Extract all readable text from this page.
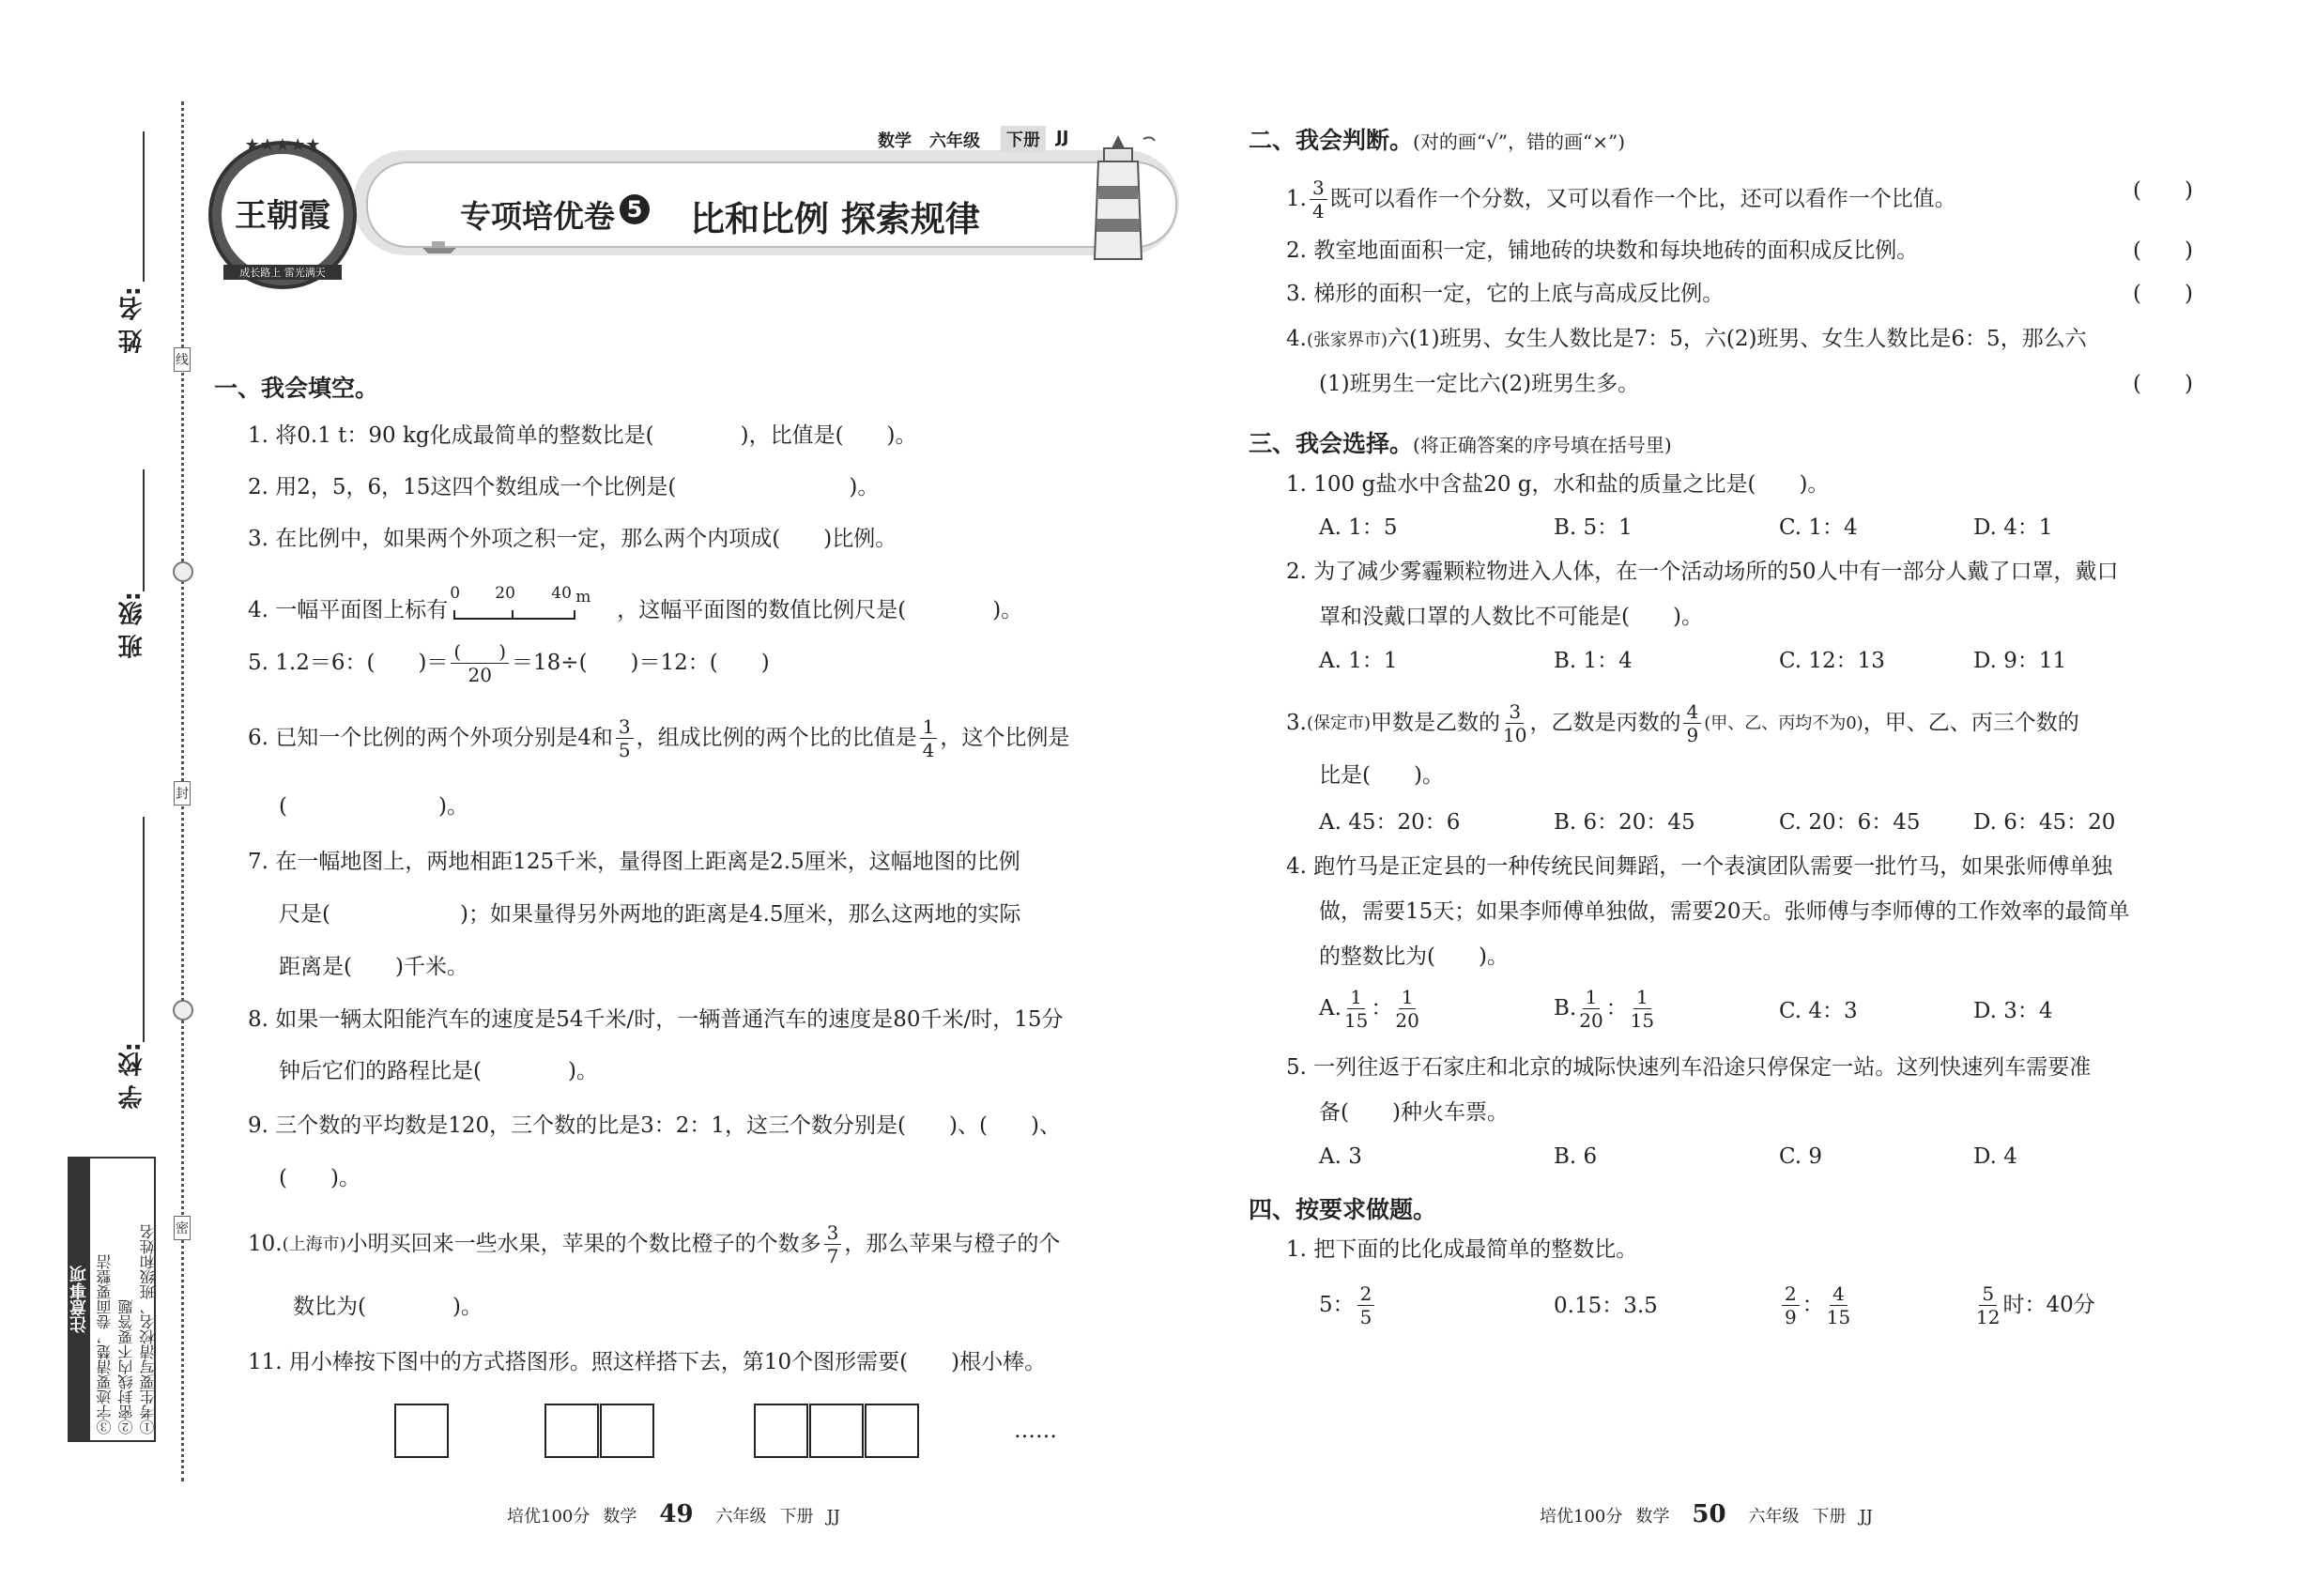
姓 名:
班 级:
学 校:
线
封
密
注意事项	①考生要写清校名、班级和姓名
②密封线内不要答题
③字迹要清楚，卷面要整洁
★★★★★
王朝霞
成长路上 雷光满天
数学 六年级	下册 JJ
专项培优卷 5 比和比例 探索规律
一、我会填空。
1. 将0.1 t：90 kg化成最简单的整数比是(　　　　)，比值是(　　)。
2. 用2，5，6，15这四个数组成一个比例是(　　　　　　　　)。
3. 在比例中，如果两个外项之积一定，那么两个内项成(　　)比例。
4. 一幅平面图上标有
0 20 40 m
，这幅平面图的数值比例尺是(　　　　)。
5. 1.2＝6：(　　)＝ $\frac{( )}{20} =18\div$(　　)＝12：(　　)
6. 已知一个比例的两个外项分别是4和 $\frac{3}{5}$ ，组成比例的两个比的比值是 $\frac{1}{4}$ ，这个比例是
(　　　　　　　)。
7. 在一幅地图上，两地相距125千米，量得图上距离是2.5厘米，这幅地图的比例
尺是(　　　　　　)；如果量得另外两地的距离是4.5厘米，那么这两地的实际
距离是(　　)千米。
8. 如果一辆太阳能汽车的速度是54千米/时，一辆普通汽车的速度是80千米/时，15分
钟后它们的路程比是(　　　　)。
9. 三个数的平均数是120，三个数的比是3：2：1，这三个数分别是(　　)、(　　)、
(　　)。
10. (上海市) 小明买回来一些水果，苹果的个数比橙子的个数多 $\frac{3}{7}$ ，那么苹果与橙子的个
数比为(　　　　)。
11. 用小棒按下图中的方式搭图形。照这样搭下去，第10个图形需要(　　)根小棒。
……
培优100分 数学 49 六年级 下册 JJ
二、我会判断。(对的画“√”，错的画“×”)
1. $\frac{3}{4}$ 既可以看作一个分数，又可以看作一个比，还可以看作一个比值。	(　　)
2. 教室地面面积一定，铺地砖的块数和每块地砖的面积成反比例。	(　　)
3. 梯形的面积一定，它的上底与高成反比例。	(　　)
4.(张家界市)六(1)班男、女生人数比是7：5，六(2)班男、女生人数比是6：5，那么六
(1)班男生一定比六(2)班男生多。	(　　)
三、我会选择。(将正确答案的序号填在括号里)
1. 100 g盐水中含盐20 g，水和盐的质量之比是(　　)。
A. 1：5	B. 5：1	C. 1：4	D. 4：1
2. 为了减少雾霾颗粒物进入人体，在一个活动场所的50人中有一部分人戴了口罩，戴口
罩和没戴口罩的人数比不可能是(　　)。
A. 1：1	B. 1：4	C. 12：13	D. 9：11
3. (保定市) 甲数是乙数的 $\frac{3}{10}$ ，乙数是丙数的 $\frac{4}{9}$ (甲、乙、丙均不为0) ，甲、乙、丙三个数的
比是(　　)。
A. 45：20：6	B. 6：20：45	C. 20：6：45 D. 6：45：20
4. 跑竹马是正定县的一种传统民间舞蹈，一个表演团队需要一批竹马，如果张师傅单独
做，需要15天；如果李师傅单独做，需要20天。张师傅与李师傅的工作效率的最简单
的整数比为(　　)。
A. $\frac{1}{15}$ ： $\frac{1}{20}$	B. $\frac{1}{20}$ ： $\frac{1}{15}$	C. 4：3	D. 3：4
5. 一列往返于石家庄和北京的城际快速列车沿途只停保定一站。这列快速列车需要准
备(　　)种火车票。
A. 3	B. 6	C. 9	D. 4
四、按要求做题。
1. 把下面的比化成最简单的整数比。
5： $\frac{2}{5}$	0.15：3.5	$\frac{2}{9}$ ： $\frac{4}{15}$	$\frac{5}{12}$ 时：40分
培优100分 数学 50 六年级 下册 JJ
